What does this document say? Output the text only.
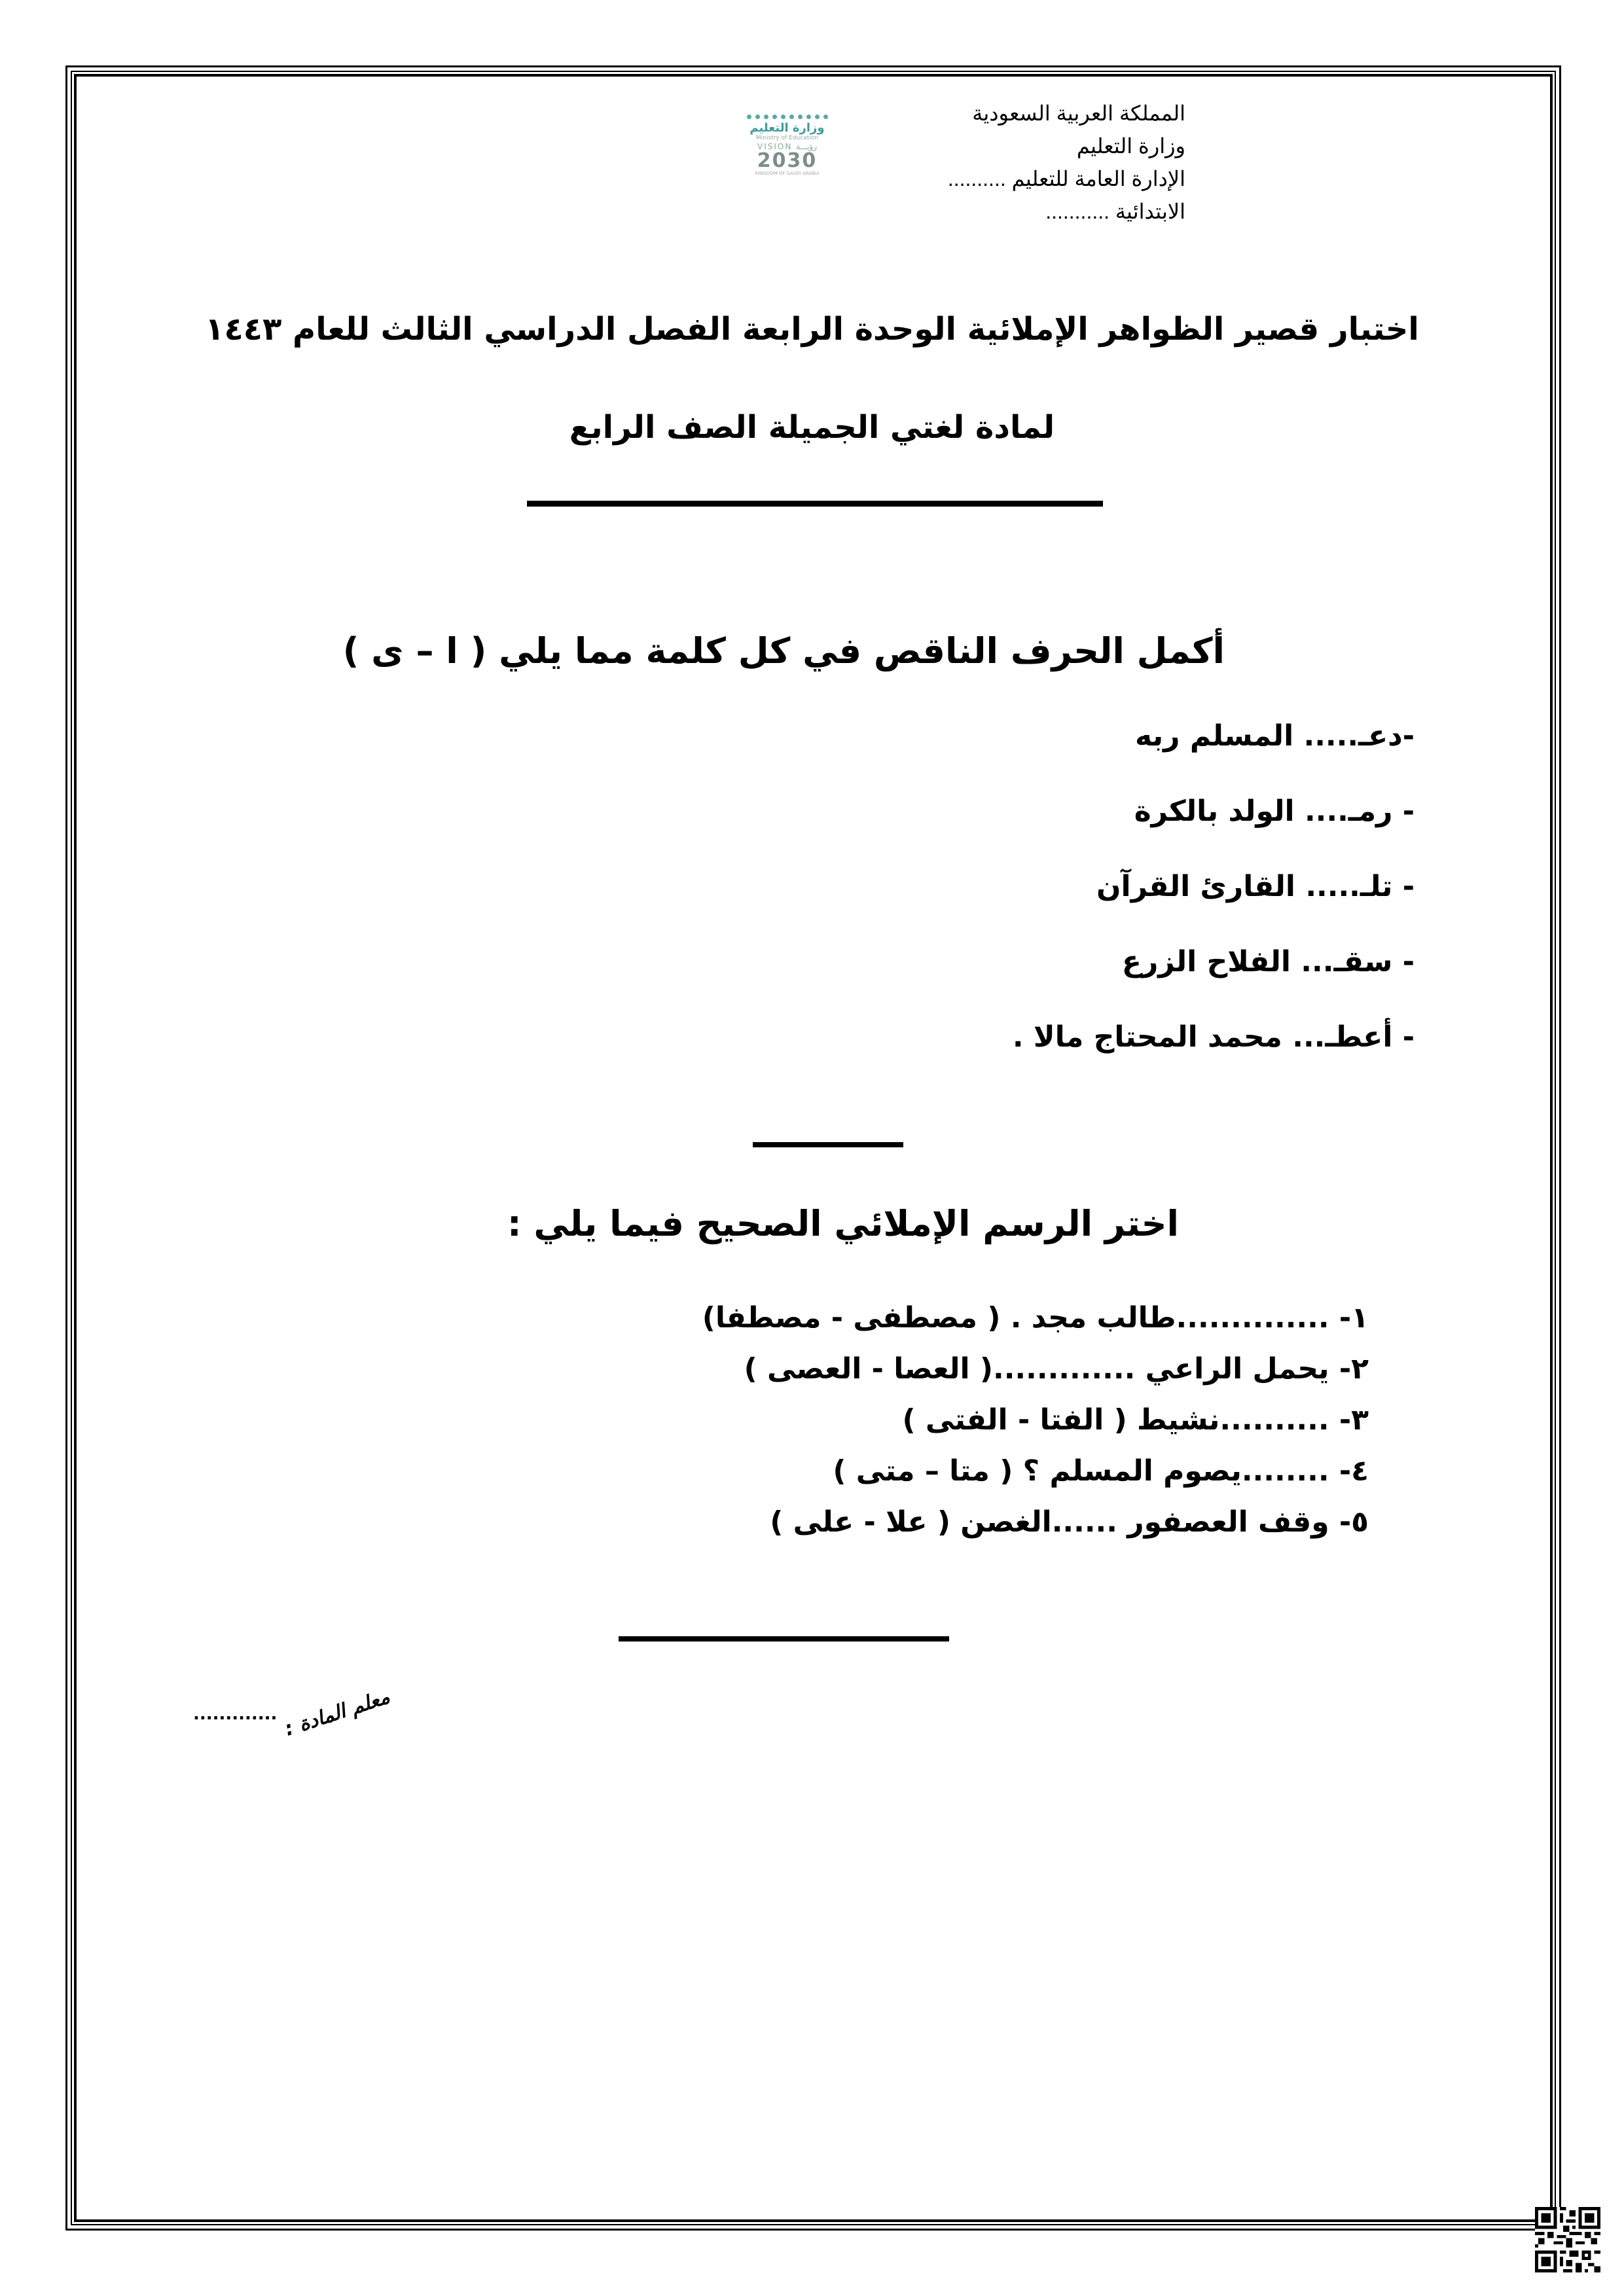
المملكة العربية السعودية
وزارة التعليم
الإدارة العامة للتعليم ..........
الابتدائية ...........
وزارة التعليم
Ministry of Education
VISION رؤيـــة
2030
KINGDOM OF SAUDI ARABIA
اختبار قصير الظواهر الإملائية الوحدة الرابعة الفصل الدراسي الثالث للعام ١٤٤٣
لمادة لغتي الجميلة الصف الرابع
أكمل الحرف الناقص في كل كلمة مما يلي ( ا – ى )
-دعـ..... المسلم ربه
- رمـ.... الولد بالكرة
- تلـ..... القارئ القرآن
- سقـ... الفلاح الزرع
- أعطـ... محمد المحتاج مالا .
اختر الرسم الإملائي الصحيح فيما يلي :
١- ..............طالب مجد . ( مصطفى - مصطفا)
٢- يحمل الراعي .............( العصا - العصى )
٣- ..........نشيط ( الفتا - الفتى )
٤- ........يصوم المسلم ؟ ( متا – متى )
٥- وقف العصفور ......الغصن ( علا - على )
معلم المادة : .............
